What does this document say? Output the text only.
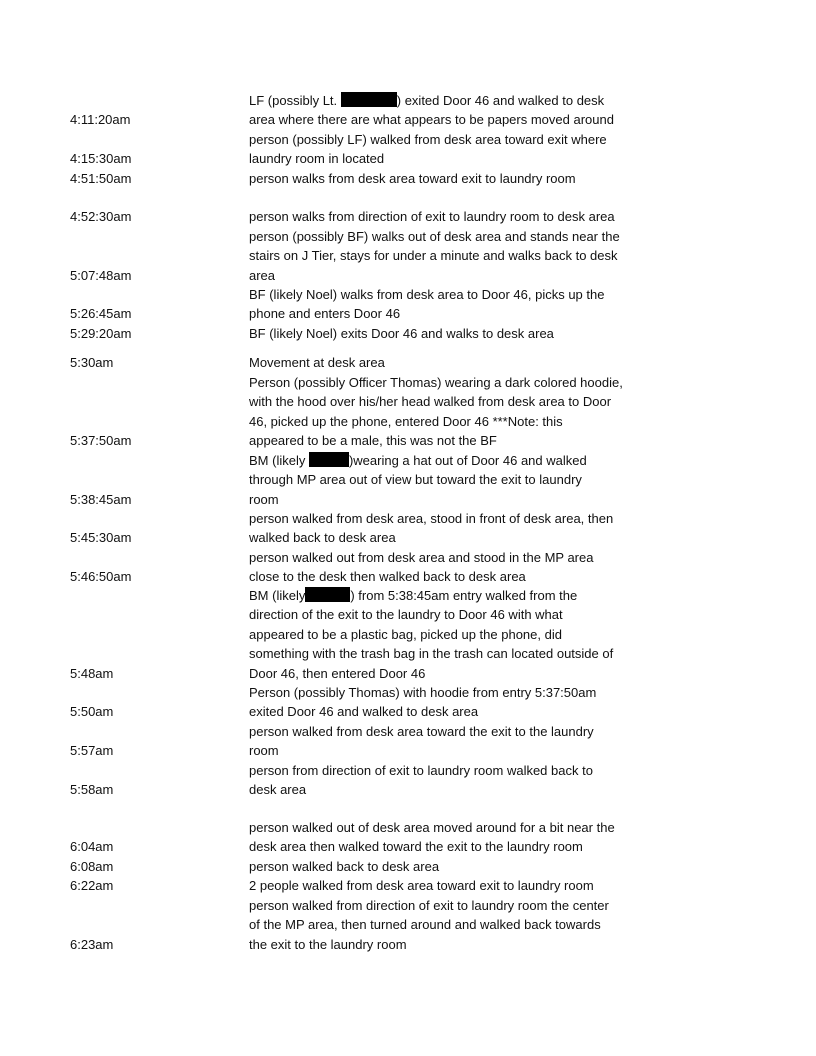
4:11:20am
LF (possibly Lt.	) exited Door 46 and walked to desk
area where there are what appears to be papers moved around
4:15:30am
person (possibly LF) walked from desk area toward exit where
laundry room in located
4:51:50am	person walks from desk area toward exit to laundry room
4:52:30am	person walks from direction of exit to laundry room to desk area
5:07:48am
person (possibly BF) walks out of desk area and stands near the
stairs on J Tier, stays for under a minute and walks back to desk
area
5:26:45am
BF (likely Noel) walks from desk area to Door 46, picks up the
phone and enters Door 46
5:29:20am	BF (likely Noel) exits Door 46 and walks to desk area
5:30am	Movement at desk area
5:37:50am
Person (possibly Officer Thomas) wearing a dark colored hoodie,
with the hood over his/her head walked from desk area to Door
46, picked up the phone, entered Door 46 ***Note: this
appeared to be a male, this was not the BF
5:38:45am
BM (likely	)wearing a hat out of Door 46 and walked
through MP area out of view but toward the exit to laundry
room
5:45:30am
person walked from desk area, stood in front of desk area, then
walked back to desk area
5:46:50am
person walked out from desk area and stood in the MP area
close to the desk then walked back to desk area
5:48am
BM (likely	) from 5:38:45am entry walked from the
direction of the exit to the laundry to Door 46 with what
appeared to be a plastic bag, picked up the phone, did
something with the trash bag in the trash can located outside of
Door 46, then entered Door 46
5:50am
Person (possibly Thomas) with hoodie from entry 5:37:50am
exited Door 46 and walked to desk area
5:57am
person walked from desk area toward the exit to the laundry
room
5:58am
person from direction of exit to laundry room walked back to
desk area
6:04am
person walked out of desk area moved around for a bit near the
desk area then walked toward the exit to the laundry room
6:08am	person walked back to desk area
6:22am	2 people walked from desk area toward exit to laundry room
6:23am
person walked from direction of exit to laundry room the center
of the MP area, then turned around and walked back towards
the exit to the laundry room
